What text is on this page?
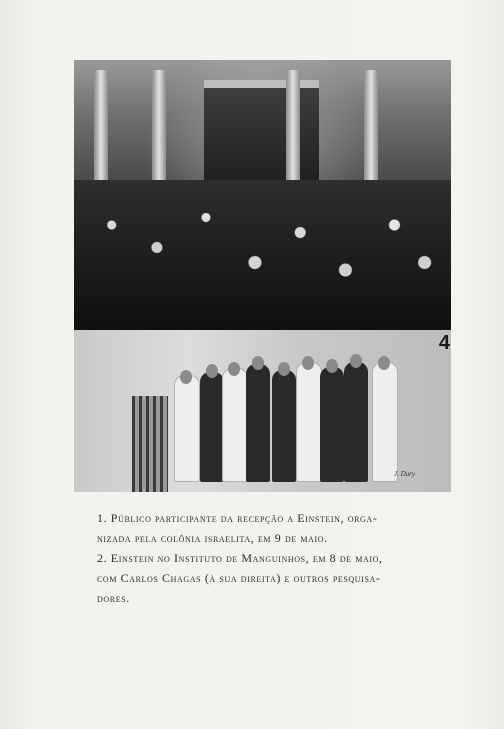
4
J. Dury

1. Público participante da recepção a Einstein, orga-

nizada pela colônia israelita, em 9 de maio.

2. Einstein no Instituto de Manguinhos, em 8 de maio,

com Carlos Chagas (à sua direita) e outros pesquisa-

dores.
